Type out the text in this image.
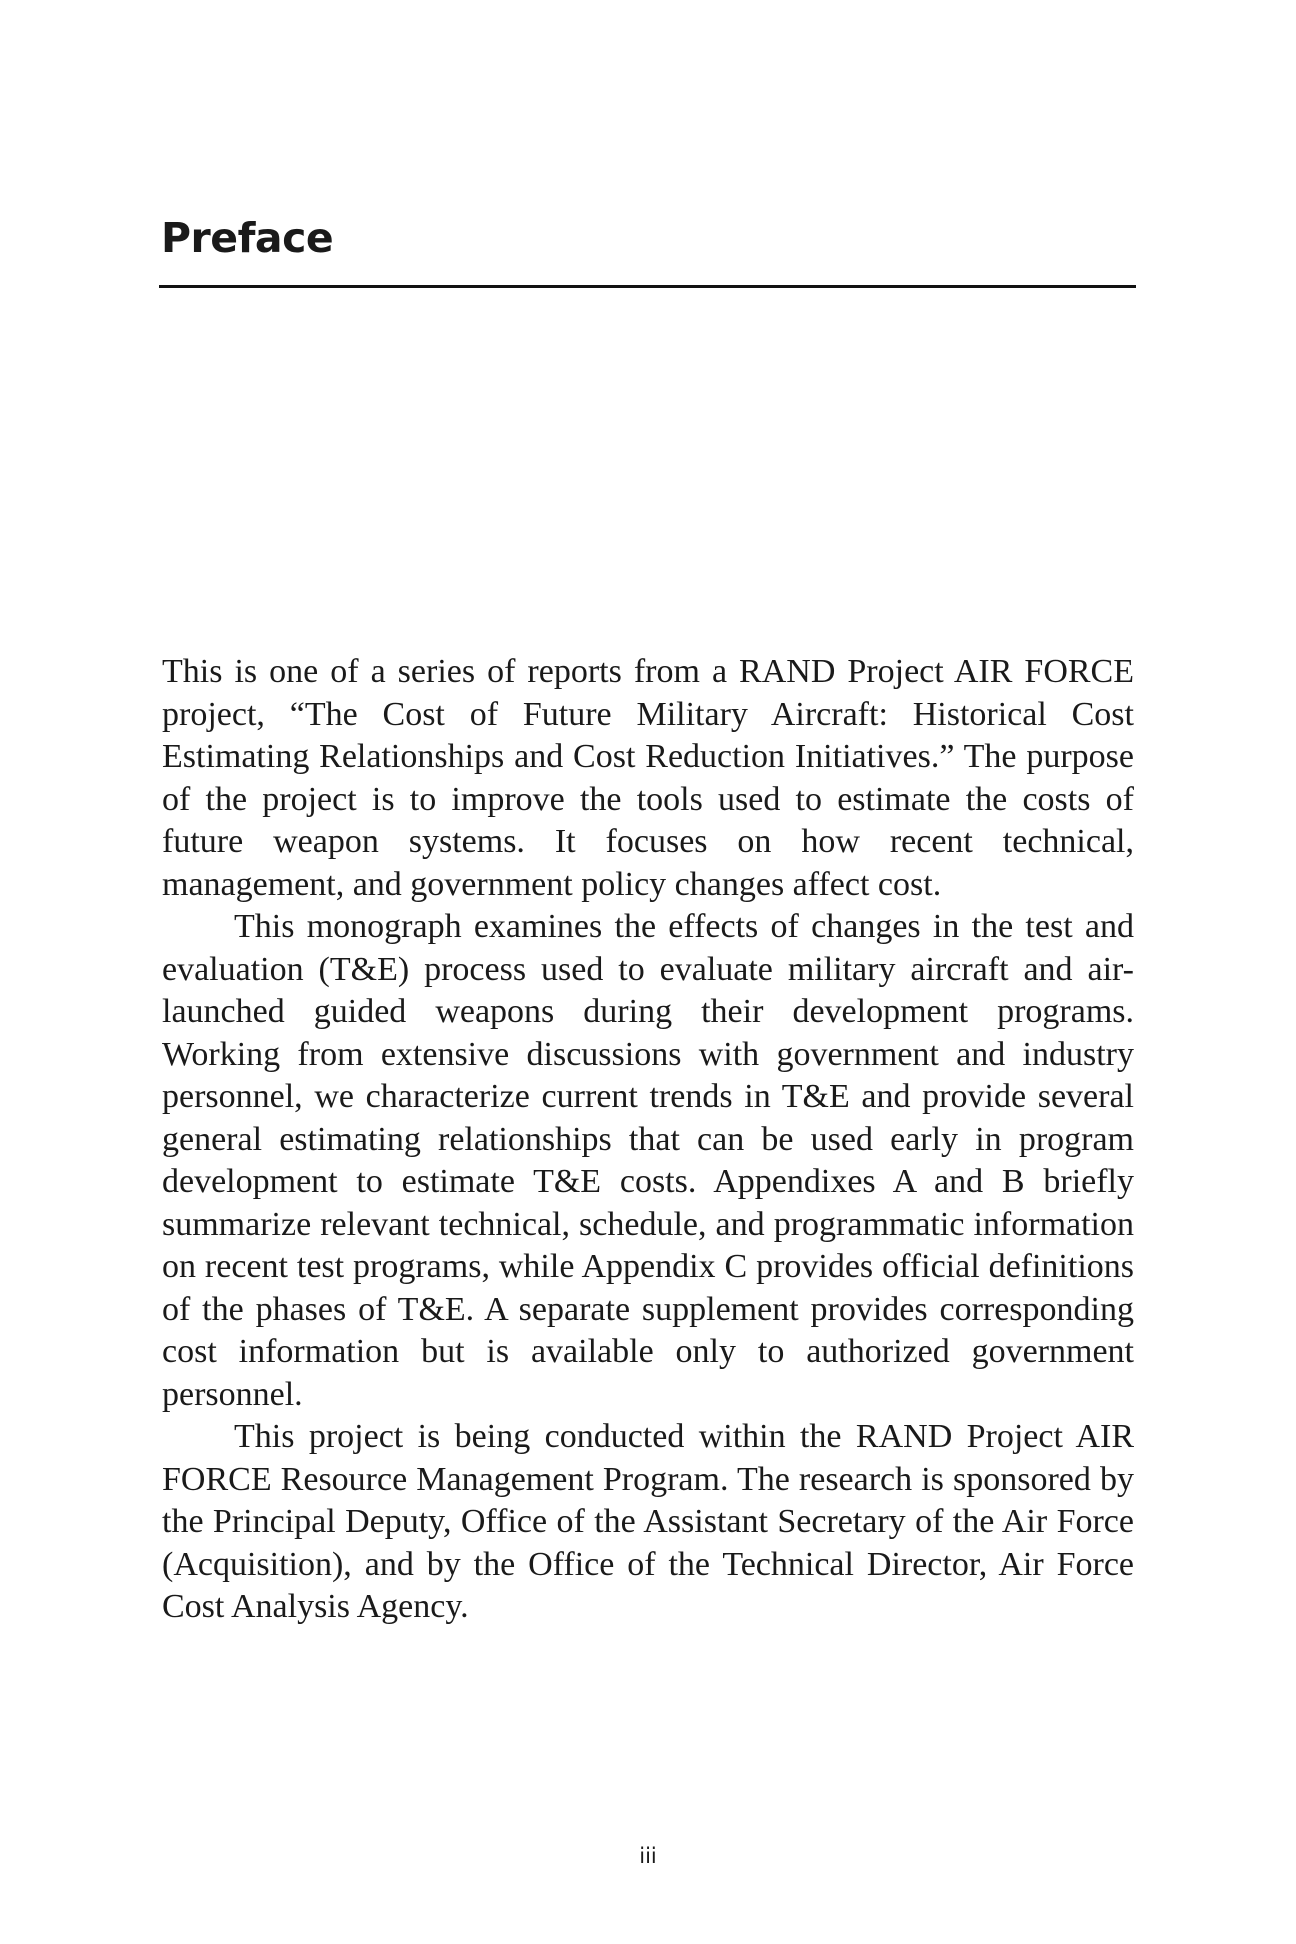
Preface

This is one of a series of reports from a RAND Project AIR FORCE project, “The Cost of Future Military Aircraft: Historical Cost Estimating Relationships and Cost Reduction Initiatives.” The purpose of the project is to improve the tools used to estimate the costs of future weapon systems. It focuses on how recent technical, management, and government policy changes affect cost.

This monograph examines the effects of changes in the test and evaluation (T&E) process used to evaluate military aircraft and air-launched guided weapons during their development programs. Working from extensive discussions with government and industry personnel, we characterize current trends in T&E and provide several general estimating relationships that can be used early in program development to estimate T&E costs. Appendixes A and B briefly summarize relevant technical, schedule, and programmatic information on recent test programs, while Appendix C provides official definitions of the phases of T&E. A separate supplement provides corresponding cost information but is available only to authorized government personnel.

This project is being conducted within the RAND Project AIR FORCE Resource Management Program. The research is sponsored by the Principal Deputy, Office of the Assistant Secretary of the Air Force (Acquisition), and by the Office of the Technical Director, Air Force Cost Analysis Agency.

iii
